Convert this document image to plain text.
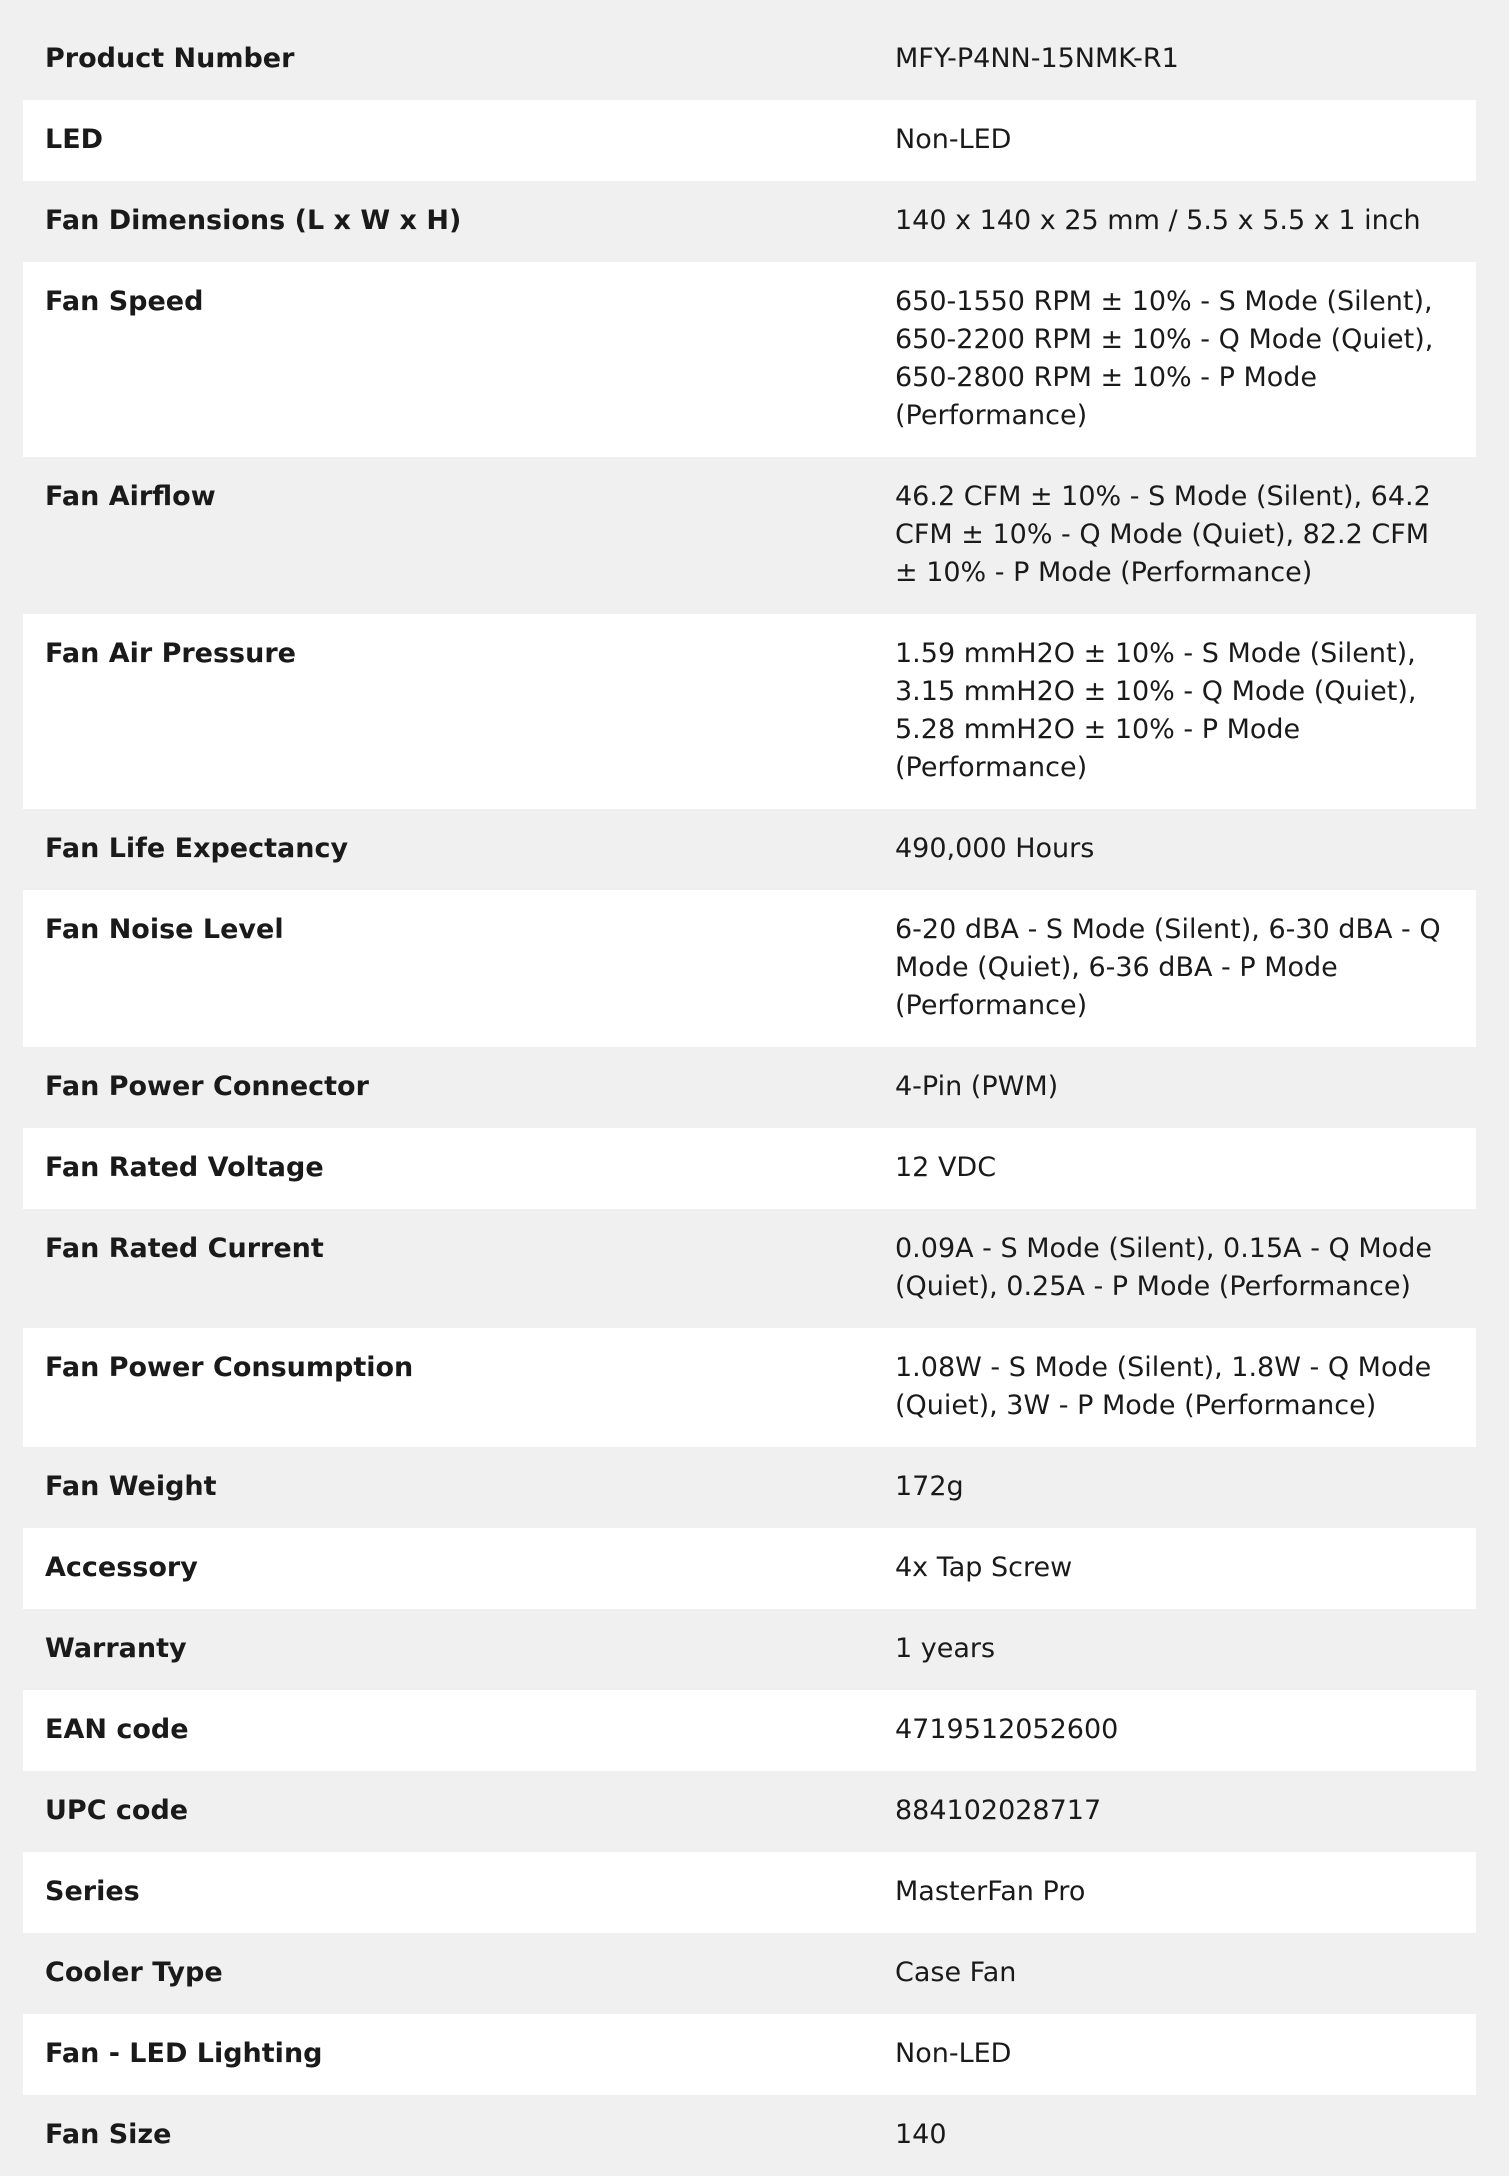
Product Number	MFY-P4NN-15NMK-R1
LED	Non-LED
Fan Dimensions (L x W x H)	140 x 140 x 25 mm / 5.5 x 5.5 x 1 inch
Fan Speed	650-1550 RPM ± 10% - S Mode (Silent), 650-2200 RPM ± 10% - Q Mode (Quiet), 650-2800 RPM ± 10% - P Mode (Performance)
Fan Airflow	46.2 CFM ± 10% - S Mode (Silent), 64.2 CFM ± 10% - Q Mode (Quiet), 82.2 CFM ± 10% - P Mode (Performance)
Fan Air Pressure	1.59 mmH2O ± 10% - S Mode (Silent), 3.15 mmH2O ± 10% - Q Mode (Quiet), 5.28 mmH2O ± 10% - P Mode (Performance)
Fan Life Expectancy	490,000 Hours
Fan Noise Level	6-20 dBA - S Mode (Silent), 6-30 dBA - Q Mode (Quiet), 6-36 dBA - P Mode (Performance)
Fan Power Connector	4-Pin (PWM)
Fan Rated Voltage	12 VDC
Fan Rated Current	0.09A - S Mode (Silent), 0.15A - Q Mode (Quiet), 0.25A - P Mode (Performance)
Fan Power Consumption	1.08W - S Mode (Silent), 1.8W - Q Mode (Quiet), 3W - P Mode (Performance)
Fan Weight	172g
Accessory	4x Tap Screw
Warranty	1 years
EAN code	4719512052600
UPC code	884102028717
Series	MasterFan Pro
Cooler Type	Case Fan
Fan - LED Lighting	Non-LED
Fan Size	140
